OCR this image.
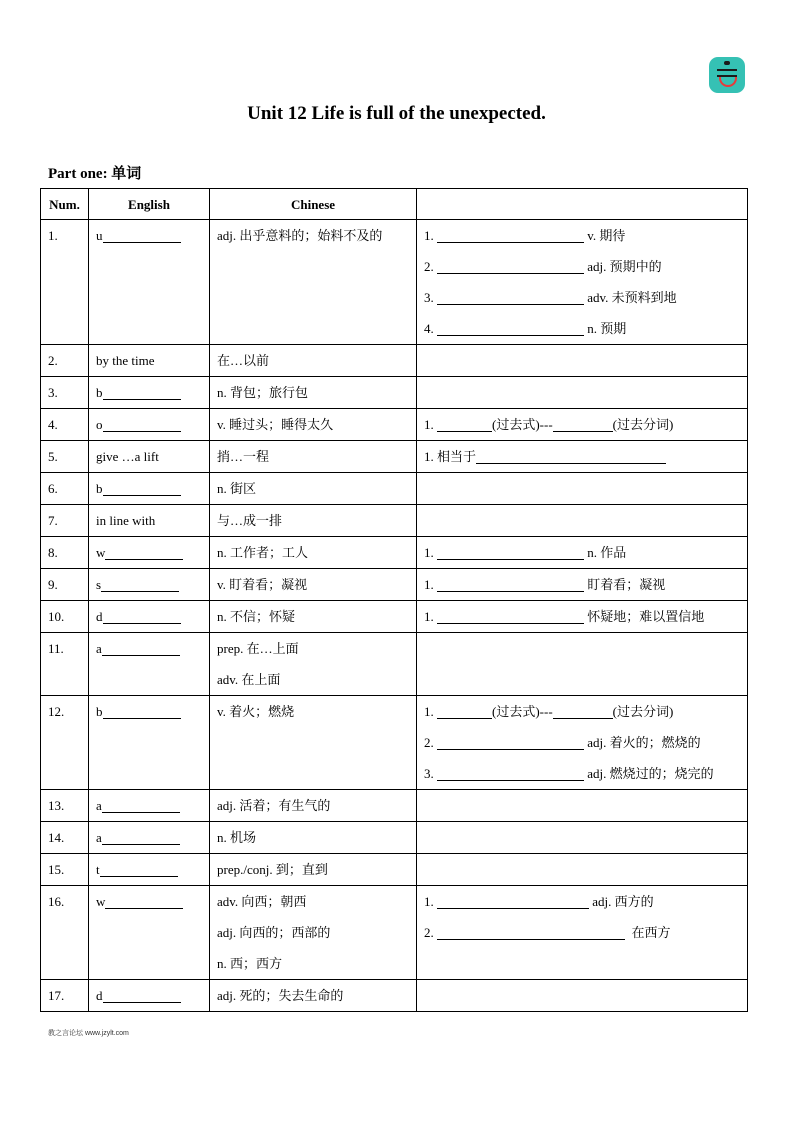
Unit 12 Life is full of the unexpected.
Part one: 单词
Num.	English	Chinese	

1.	u	adj. 出乎意料的；始料不及的	1. v. 期待
2. adj. 预期中的
3. adv. 未预料到地
4. n. 预期

2.	by the time	在…以前	

3.	b	n. 背包；旅行包	

4.	o	v. 睡过头；睡得太久	1. (过去式)--- (过去分词)

5.	give …a lift	捎…一程	1. 相当于

6.	b	n. 街区	

7.	in line with	与…成一排	

8.	w	n. 工作者；工人	1. n. 作品

9.	s	v. 盯着看；凝视	1. 盯着看；凝视

10.	d	n. 不信；怀疑	1. 怀疑地；难以置信地

11.	a	prep. 在…上面
adv. 在上面	

12.	b	v. 着火；燃烧	1. (过去式)--- (过去分词)
2. adj. 着火的；燃烧的
3. adj. 燃烧过的；烧完的

13.	a	adj. 活着；有生气的	

14.	a	n. 机场	

15.	t	prep./conj. 到；直到	

16.	w	adv. 向西；朝西
adj. 向西的；西部的
n. 西；西方	1. adj. 西方的
2. 在西方

17.	d	adj. 死的；失去生命的	

教之言论坛 www.jzylt.com
